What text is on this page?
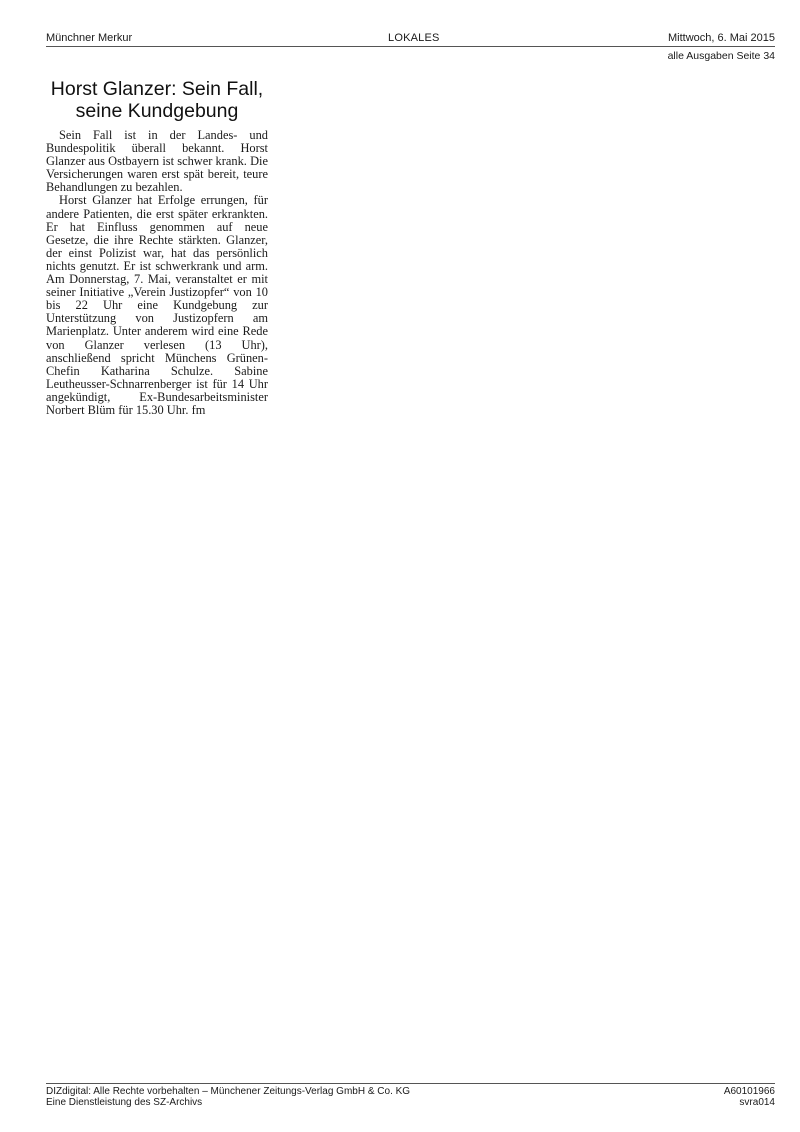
Münchner Merkur	LOKALES	Mittwoch, 6. Mai 2015
alle Ausgaben Seite 34
Horst Glanzer: Sein Fall,
seine Kundgebung

Sein Fall ist in der Landes- und Bundespolitik überall bekannt. Horst Glanzer aus Ostbayern ist schwer krank. Die Versicherungen waren erst spät bereit, teure Behandlungen zu bezahlen.

Horst Glanzer hat Erfolge errungen, für andere Patienten, die erst später erkrankten. Er hat Einfluss genommen auf neue Gesetze, die ihre Rechte stärkten. Glanzer, der einst Polizist war, hat das persönlich nichts genutzt. Er ist schwerkrank und arm. Am Donnerstag, 7. Mai, veranstaltet er mit seiner Initiative „Verein Justizopfer“ von 10 bis 22 Uhr eine Kundgebung zur Unterstützung von Justizopfern am Marienplatz. Unter anderem wird eine Rede von Glanzer verlesen (13 Uhr), anschließend spricht Münchens Grünen-Chefin Katharina Schulze. Sabine Leutheusser-Schnarrenberger ist für 14 Uhr angekündigt, Ex-Bundesarbeitsminister Norbert Blüm für 15.30 Uhr. fm

DIZdigital: Alle Rechte vorbehalten – Münchener Zeitungs-Verlag GmbH & Co. KG
Eine Dienstleistung des SZ-Archivs
A60101966
svra014
